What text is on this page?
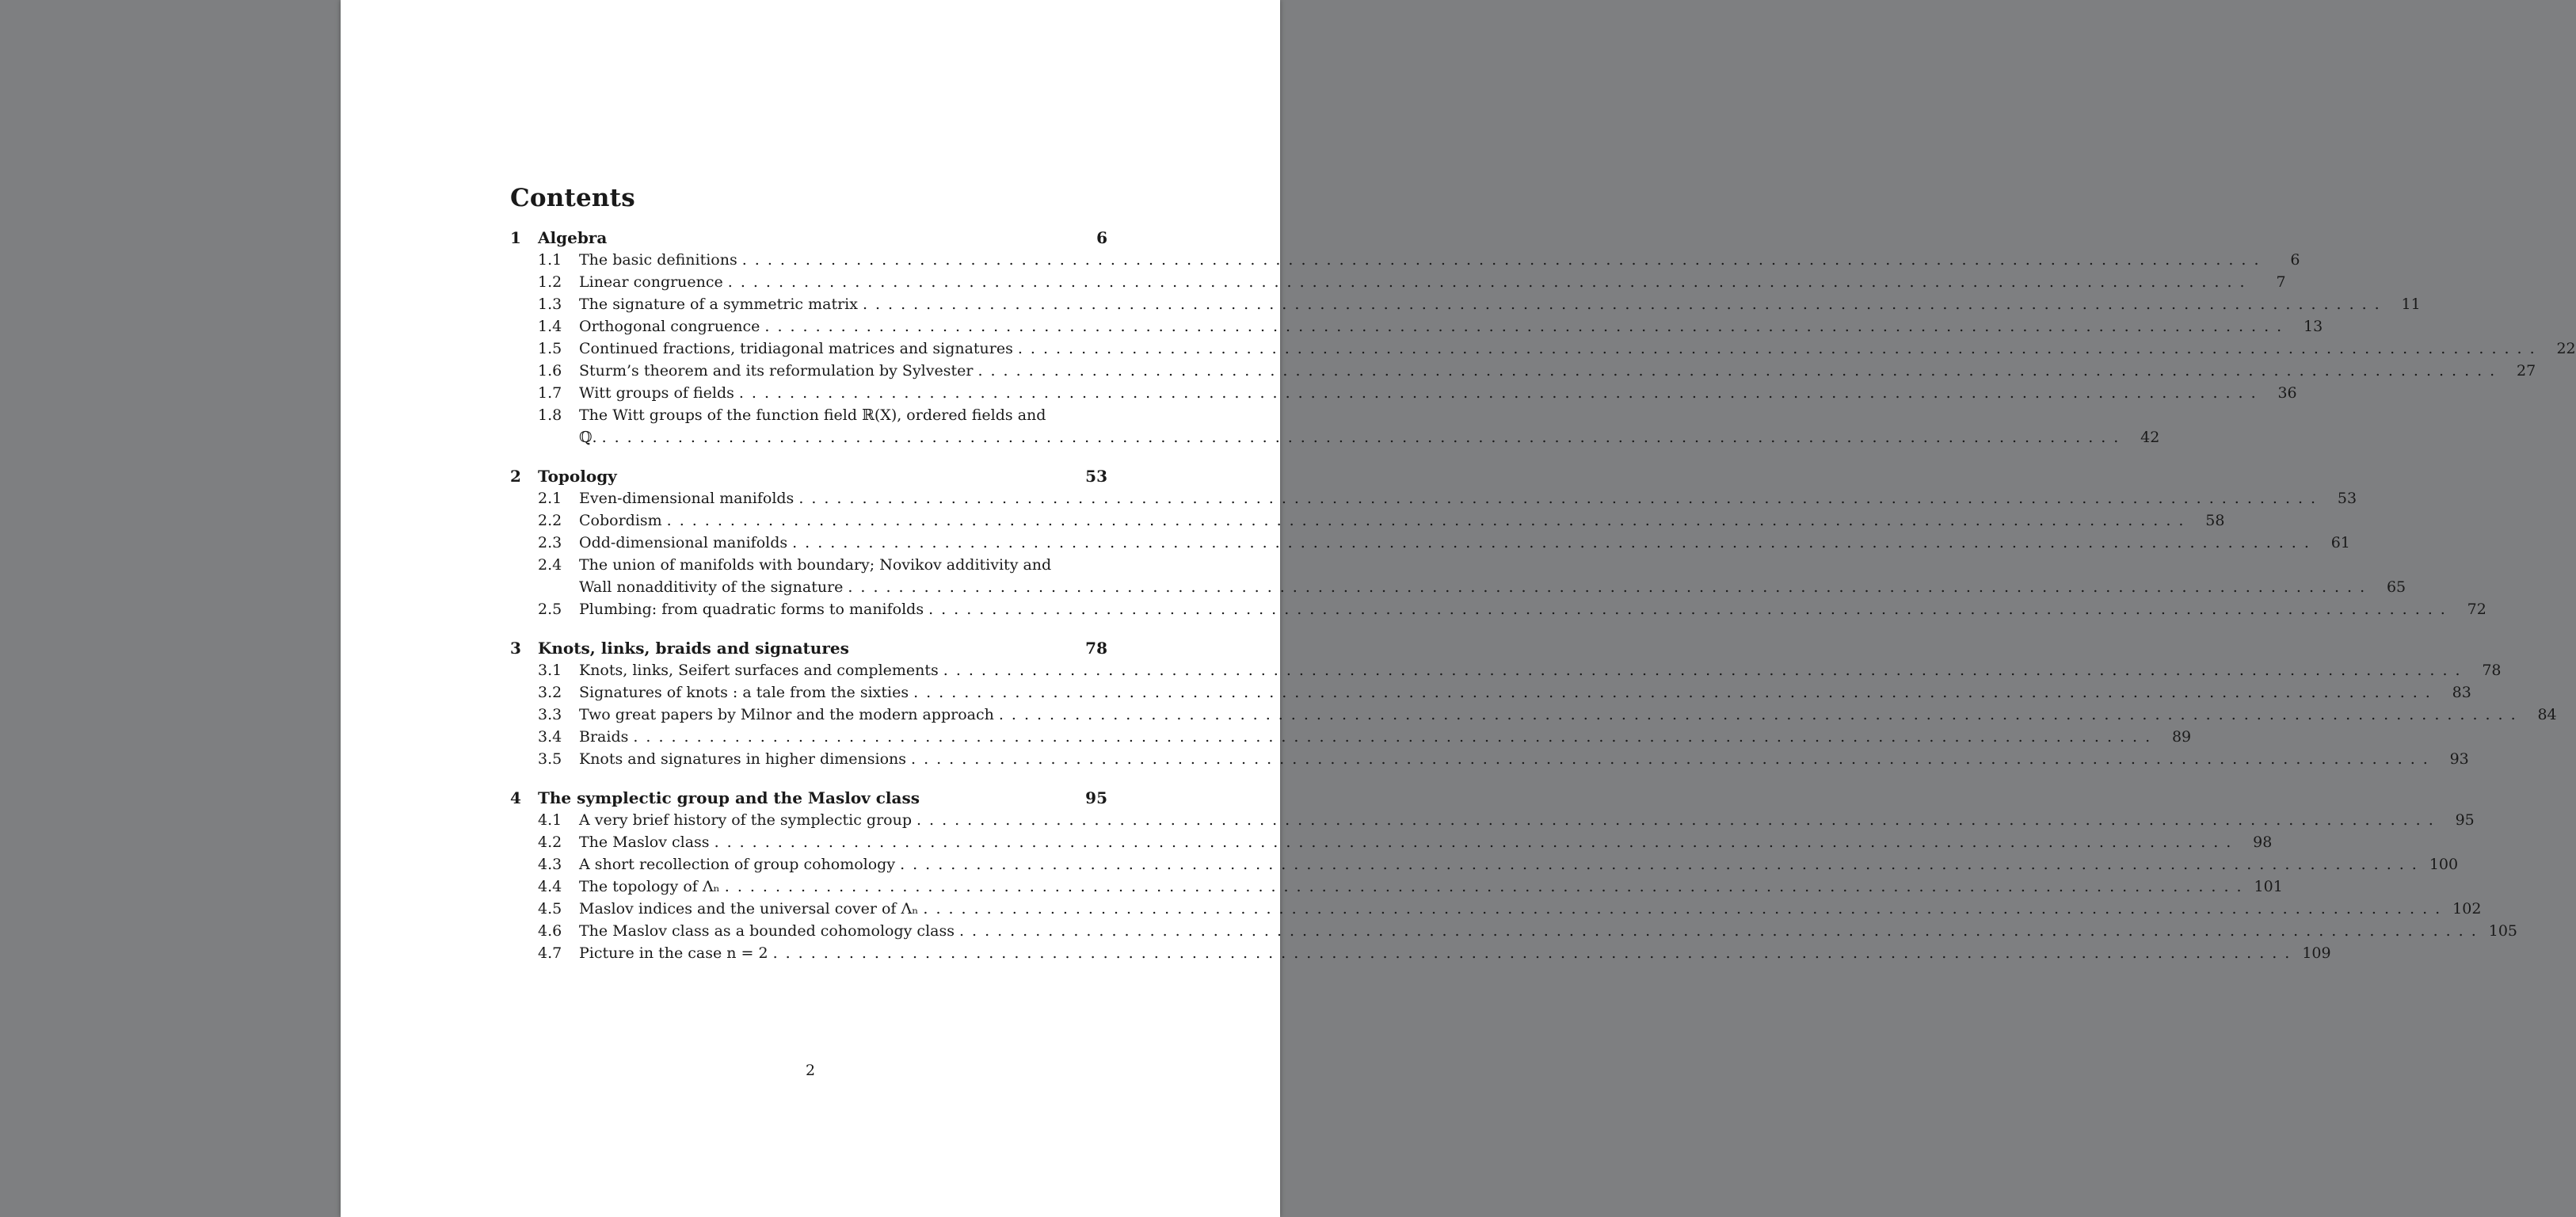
Contents
1	Algebra	6
1.1	The basic definitions ........................................................................................................................	6
1.2	Linear congruence ........................................................................................................................	7
1.3	The signature of a symmetric matrix ........................................................................................................................ 11
1.4	Orthogonal congruence ........................................................................................................................ 13
1.5	Continued fractions, tridiagonal matrices and signatures ........................................................................................................................ 22
1.6	Sturm’s theorem and its reformulation by Sylvester ........................................................................................................................ 27
1.7	Witt groups of fields ........................................................................................................................ 36
1.8	The Witt groups of the function field ℝ(X), ordered fields and
ℚ. ........................................................................................................................ 42
2	Topology	53
2.1	Even-dimensional manifolds ........................................................................................................................ 53
2.2	Cobordism ........................................................................................................................ 58
2.3	Odd-dimensional manifolds ........................................................................................................................ 61
2.4	The union of manifolds with boundary; Novikov additivity and
Wall nonadditivity of the signature ........................................................................................................................ 65
2.5	Plumbing: from quadratic forms to manifolds ........................................................................................................................ 72
3	Knots, links, braids and signatures	78
3.1	Knots, links, Seifert surfaces and complements ........................................................................................................................ 78
3.2	Signatures of knots : a tale from the sixties ........................................................................................................................ 83
3.3	Two great papers by Milnor and the modern approach ........................................................................................................................ 84
3.4	Braids ........................................................................................................................ 89
3.5	Knots and signatures in higher dimensions ........................................................................................................................ 93
4	The symplectic group and the Maslov class	95
4.1	A very brief history of the symplectic group ........................................................................................................................ 95
4.2	The Maslov class ........................................................................................................................ 98
4.3	A short recollection of group cohomology ........................................................................................................................ 100
4.4	The topology of Λₙ ........................................................................................................................ 101
4.5	Maslov indices and the universal cover of Λₙ ........................................................................................................................ 102
4.6	The Maslov class as a bounded cohomology class ........................................................................................................................ 105
4.7	Picture in the case n = 2 ........................................................................................................................ 109
2
